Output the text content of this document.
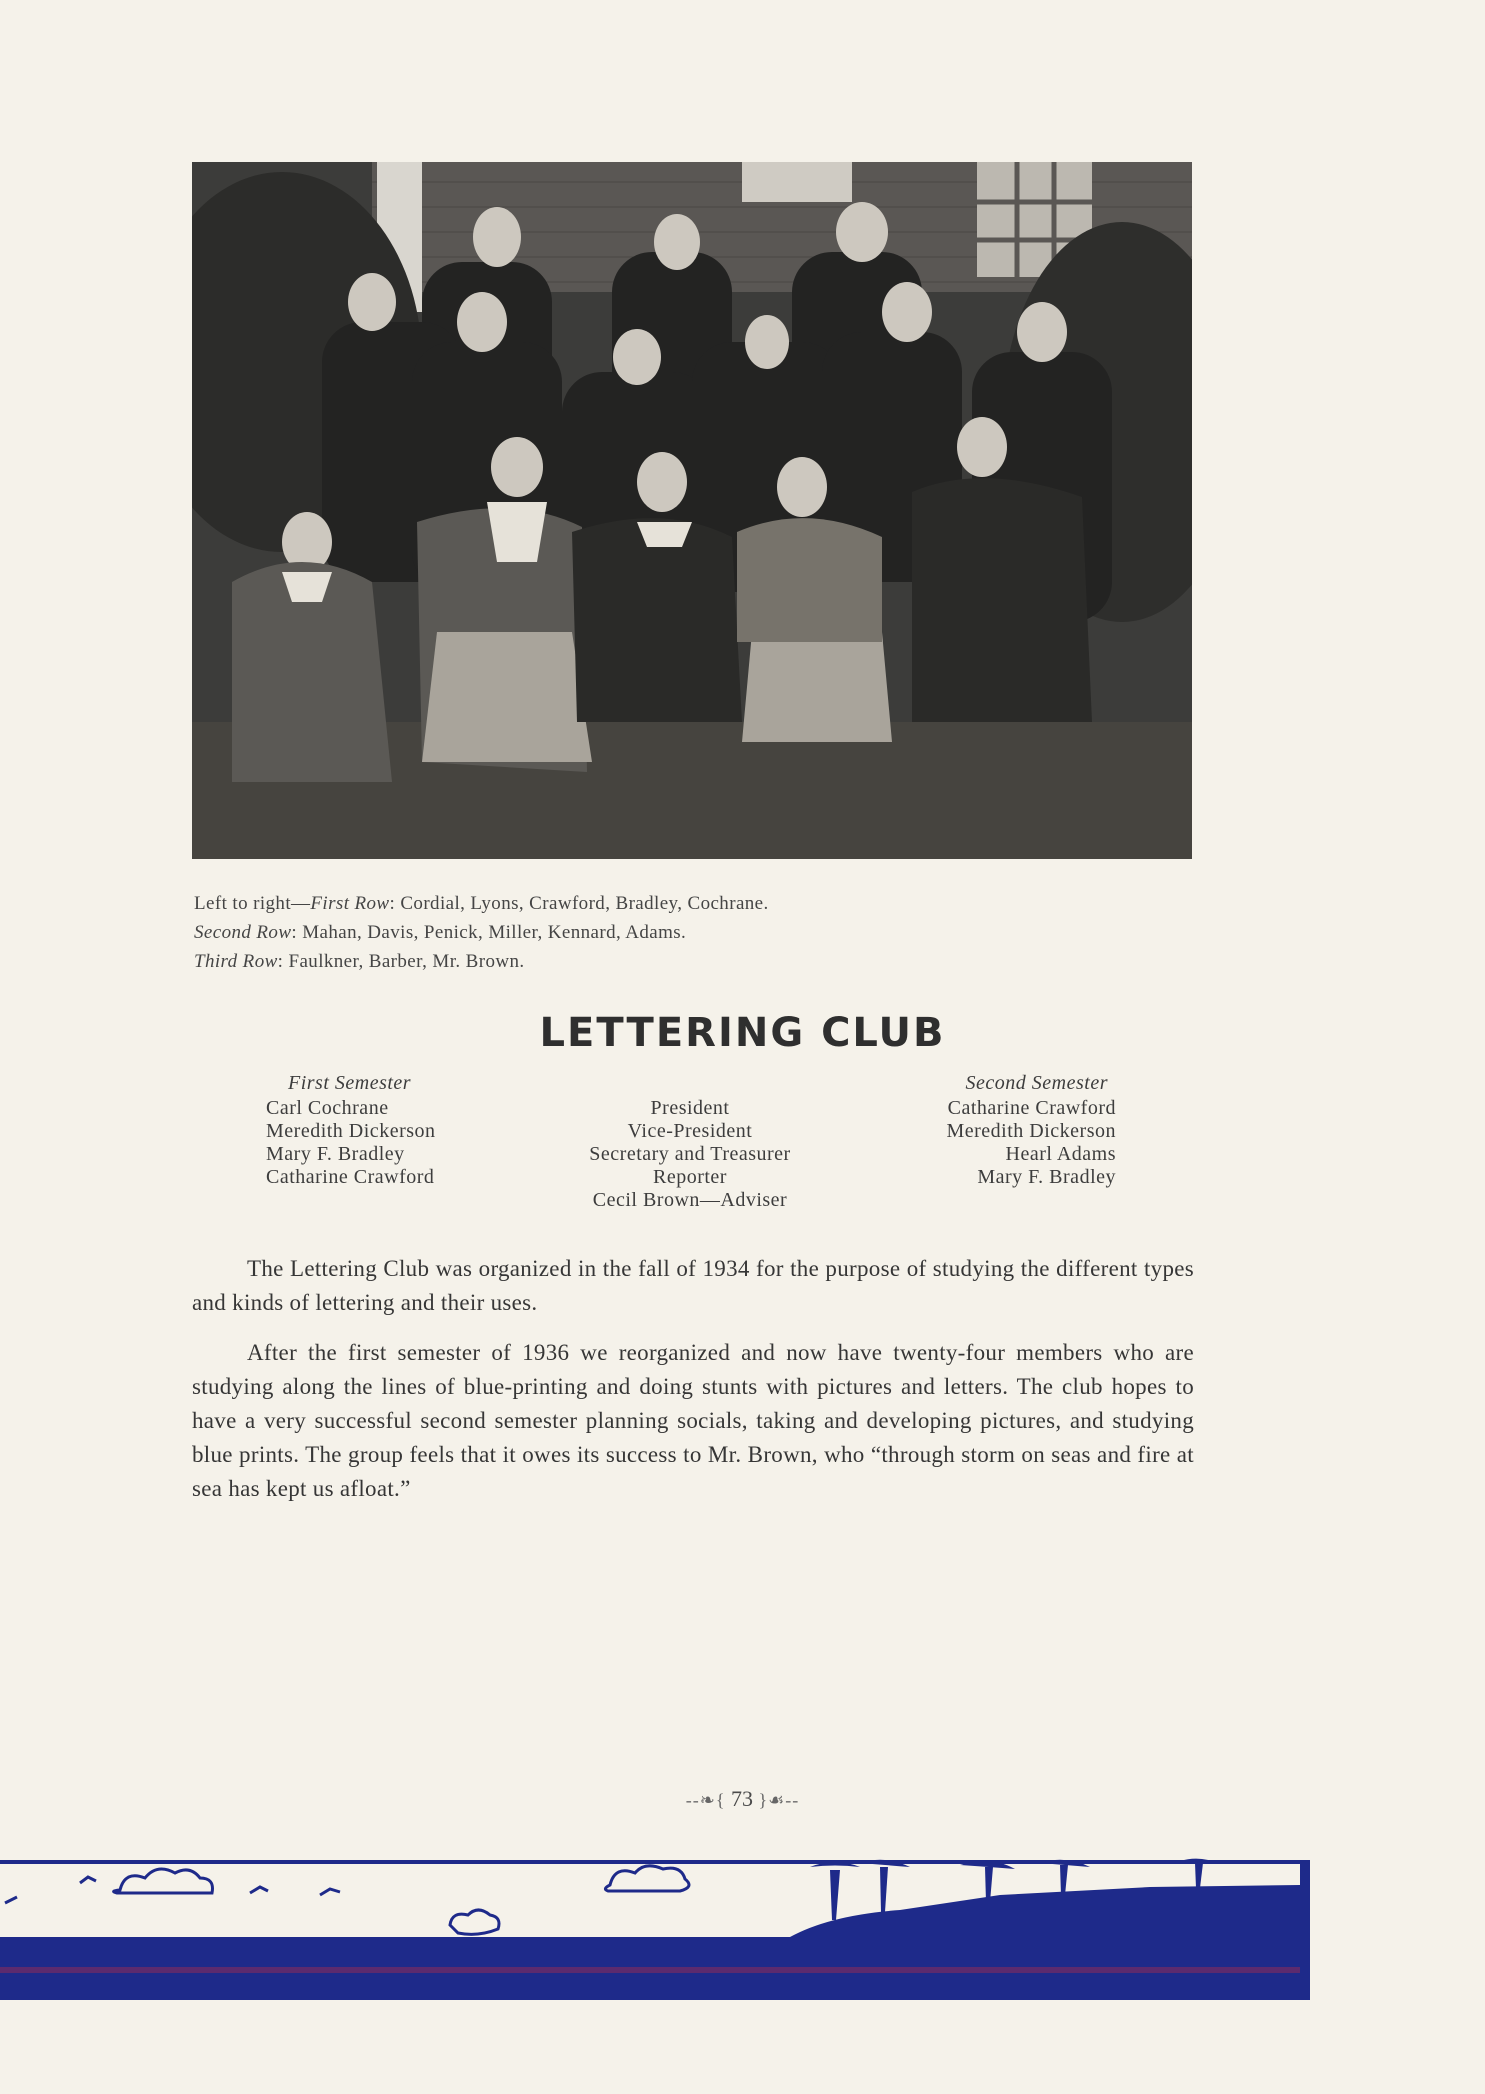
Left to right—First Row: Cordial, Lyons, Crawford, Bradley, Cochrane.
Second Row: Mahan, Davis, Penick, Miller, Kennard, Adams.
Third Row: Faulkner, Barber, Mr. Brown.
LETTERING CLUB
First Semester
Carl Cochrane
Meredith Dickerson
Mary F. Bradley
Catharine Crawford
President
Vice-President
Secretary and Treasurer
Reporter
Cecil Brown—Adviser
Second Semester
Catharine Crawford
Meredith Dickerson
Hearl Adams
Mary F. Bradley

The Lettering Club was organized in the fall of 1934 for the purpose of studying the different types and kinds of lettering and their uses.

After the first semester of 1936 we reorganized and now have twenty-four members who are studying along the lines of blue-printing and doing stunts with pictures and letters. The club hopes to have a very successful second semester planning socials, taking and developing pictures, and studying blue prints. The group feels that it owes its success to Mr. Brown, who “through storm on seas and fire at sea has kept us afloat.”

--❧{ 73 }☙--
